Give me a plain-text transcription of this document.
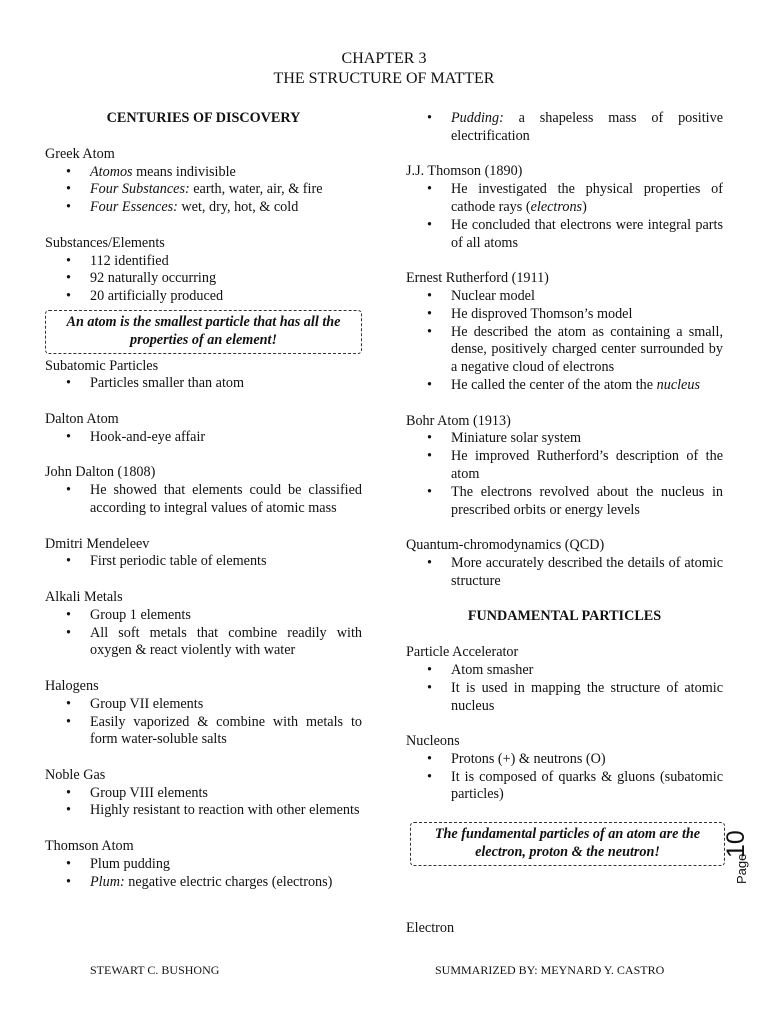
CHAPTER 3
THE STRUCTURE OF MATTER
CENTURIES OF DISCOVERY

Greek Atom

• Atomos means indivisible
• Four Substances: earth, water, air, & fire
• Four Essences: wet, dry, hot, & cold

Substances/Elements

• 112 identified
• 92 naturally occurring
• 20 artificially produced
An atom is the smallest particle that has all the properties of an element!

Subatomic Particles

• Particles smaller than atom

Dalton Atom

• Hook-and-eye affair

John Dalton (1808)

• He showed that elements could be classified according to integral values of atomic mass

Dmitri Mendeleev

• First periodic table of elements

Alkali Metals

• Group 1 elements
• All soft metals that combine readily with oxygen & react violently with water

Halogens

• Group VII elements
• Easily vaporized & combine with metals to form water-soluble salts

Noble Gas

• Group VIII elements
• Highly resistant to reaction with other elements

Thomson Atom

• Plum pudding
• Plum: negative electric charges (electrons)
• Pudding: a shapeless mass of positive electrification

J.J. Thomson (1890)

• He investigated the physical properties of cathode rays (electrons)
• He concluded that electrons were integral parts of all atoms

Ernest Rutherford (1911)

• Nuclear model
• He disproved Thomson’s model
• He described the atom as containing a small, dense, positively charged center surrounded by a negative cloud of electrons
• He called the center of the atom the nucleus

Bohr Atom (1913)

• Miniature solar system
• He improved Rutherford’s description of the atom
• The electrons revolved about the nucleus in prescribed orbits or energy levels

Quantum-chromodynamics (QCD)

• More accurately described the details of atomic structure
FUNDAMENTAL PARTICLES

Particle Accelerator

• Atom smasher
• It is used in mapping the structure of atomic nucleus

Nucleons

• Protons (+) & neutrons (O)
• It is composed of quarks & gluons (subatomic particles)
The fundamental particles of an atom are the electron, proton & the neutron!

Electron

Page
10
STEWART C. BUSHONG	SUMMARIZED BY: MEYNARD Y. CASTRO
